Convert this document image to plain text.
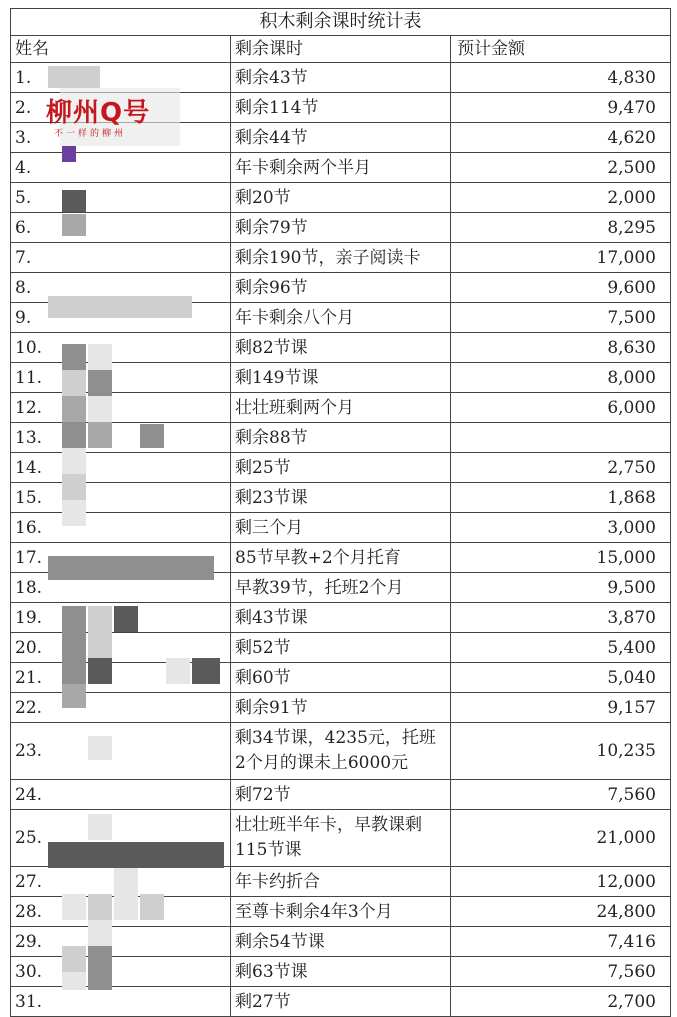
积木剩余课时统计表		
姓名	剩余课时	预计金额
1.	剩余43节	4,830
2.	剩余114节	9,470
3.	剩余44节	4,620
4.	年卡剩余两个半月	2,500
5.	剩20节	2,000
6.	剩余79节	8,295
7.	剩余190节，亲子阅读卡	17,000
8.	剩余96节	9,600
9.	年卡剩余八个月	7,500
10.	剩82节课	8,630
11.	剩149节课	8,000
12.	壮壮班剩两个月	6,000
13.	剩余88节	
14.	剩25节	2,750
15.	剩23节课	1,868
16.	剩三个月	3,000
17.	85节早教+2个月托育	15,000
18.	早教39节，托班2个月	9,500
19.	剩43节课	3,870
20.	剩52节	5,400
21.	剩60节	5,040
22.	剩余91节	9,157
23.	剩34节课，4235元，托班2个月的课未上6000元	10,235
24.	剩72节	7,560
25.	壮壮班半年卡，早教课剩115节课	21,000
27.	年卡约折合	12,000
28.	至尊卡剩余4年3个月	24,800
29.	剩余54节课	7,416
30.	剩63节课	7,560
31.	剩27节	2,700
柳州Q号
不一样的柳州
